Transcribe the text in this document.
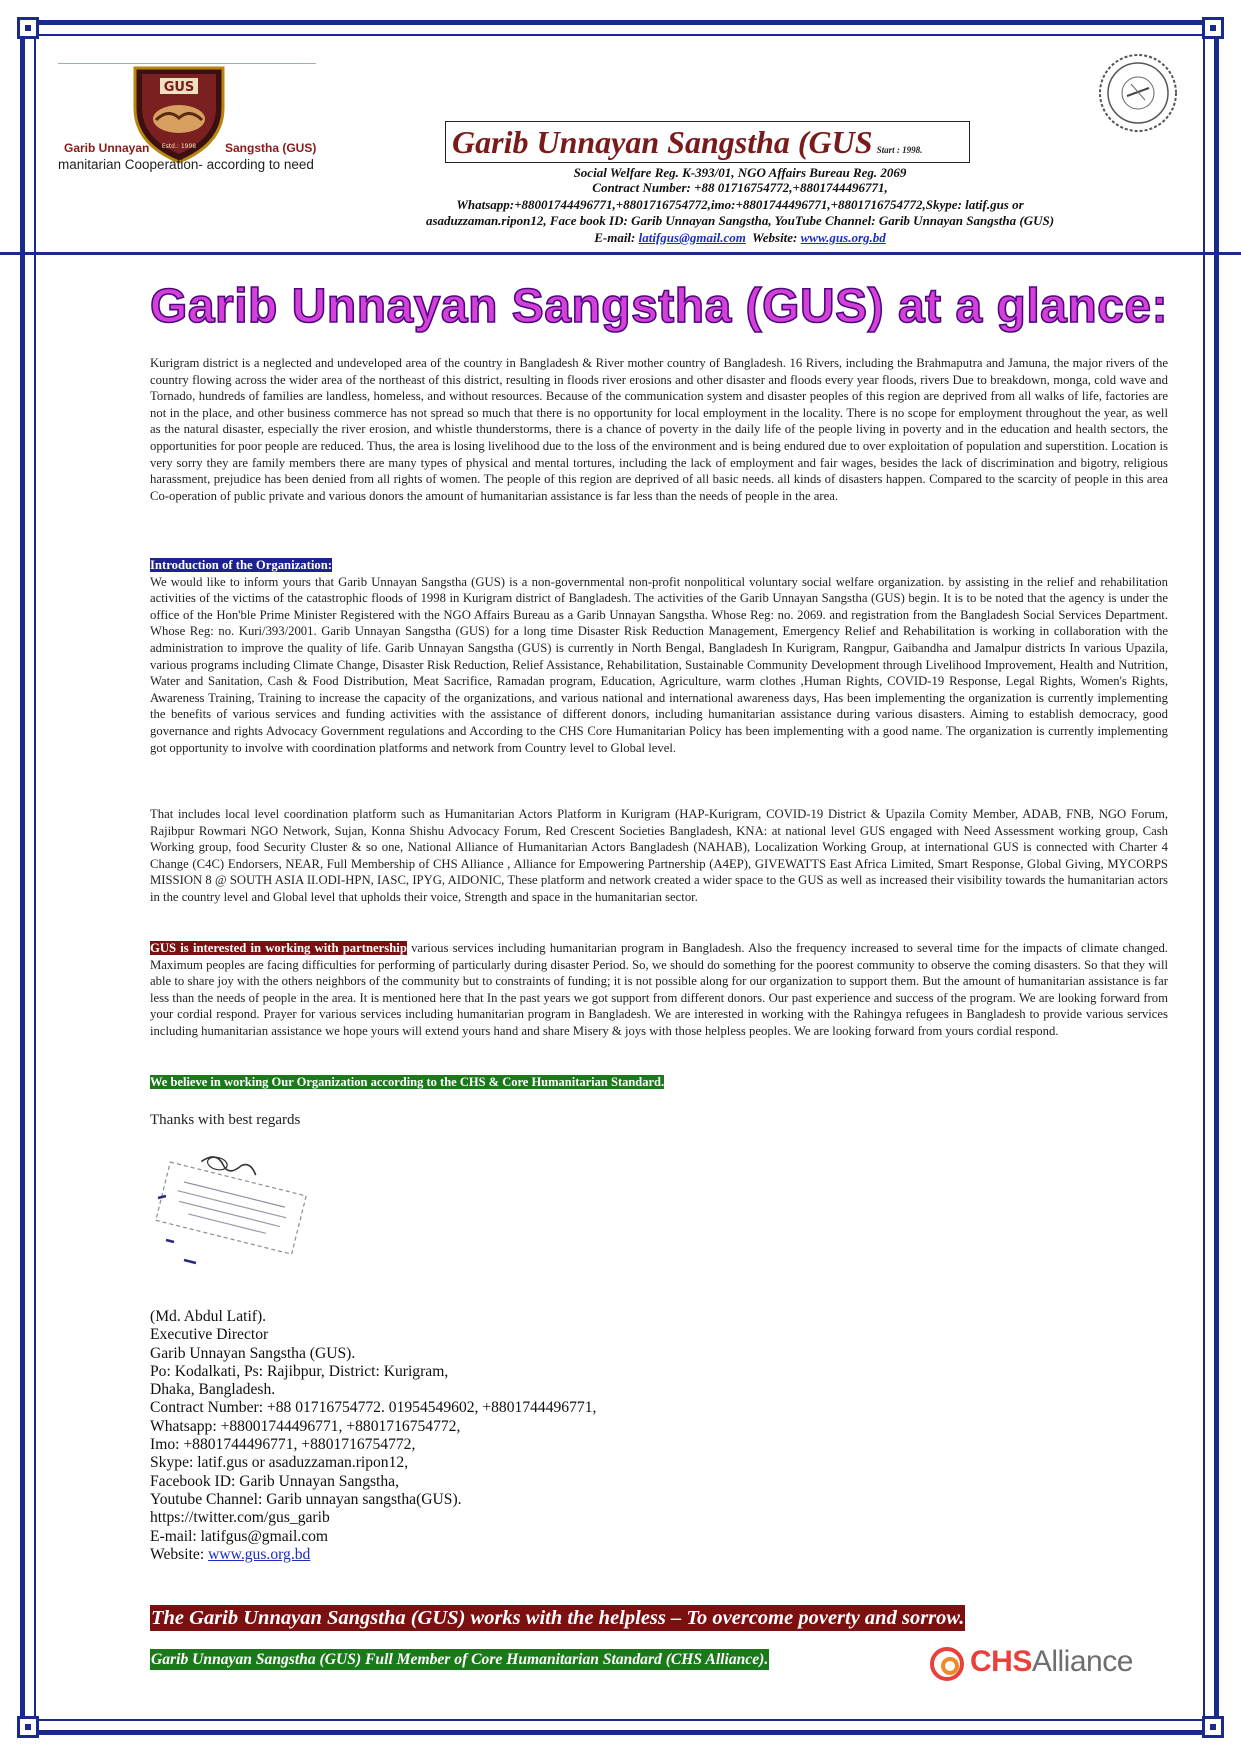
GUS
Estd.: 1998
Garib Unnayan	Sangstha (GUS)
manitarian Cooperation- according to need
Garib Unnayan Sangstha (GUS Start : 1998.
Social Welfare Reg. K-393/01, NGO Affairs Bureau Reg. 2069
Contract Number: +88 01716754772,+8801744496771,
Whatsapp:+88001744496771,+8801716754772,imo:+8801744496771,+8801716754772,Skype: latif.gus or
asaduzzaman.ripon12, Face book ID: Garib Unnayan Sangstha, YouTube Channel: Garib Unnayan Sangstha (GUS)
E-mail: latifgus@gmail.com Website: www.gus.org.bd
Garib Unnayan Sangstha (GUS) at a glance:
Kurigram district is a neglected and undeveloped area of the country in Bangladesh & River mother country of Bangladesh. 16 Rivers, including the Brahmaputra and Jamuna, the major rivers of the country flowing across the wider area of the northeast of this district, resulting in floods river erosions and other disaster and floods every year floods, rivers Due to breakdown, monga, cold wave and Tornado, hundreds of families are landless, homeless, and without resources. Because of the communication system and disaster peoples of this region are deprived from all walks of life, factories are not in the place, and other business commerce has not spread so much that there is no opportunity for local employment in the locality. There is no scope for employment throughout the year, as well as the natural disaster, especially the river erosion, and whistle thunderstorms, there is a chance of poverty in the daily life of the people living in poverty and in the education and health sectors, the opportunities for poor people are reduced. Thus, the area is losing livelihood due to the loss of the environment and is being endured due to over exploitation of population and superstition. Location is very sorry they are family members there are many types of physical and mental tortures, including the lack of employment and fair wages, besides the lack of discrimination and bigotry, religious harassment, prejudice has been denied from all rights of women. The people of this region are deprived of all basic needs. all kinds of disasters happen. Compared to the scarcity of people in this area Co-operation of public private and various donors the amount of humanitarian assistance is far less than the needs of people in the area.
Introduction of the Organization:
We would like to inform yours that Garib Unnayan Sangstha (GUS) is a non-governmental non-profit nonpolitical voluntary social welfare organization. by assisting in the relief and rehabilitation activities of the victims of the catastrophic floods of 1998 in Kurigram district of Bangladesh. The activities of the Garib Unnayan Sangstha (GUS) begin. It is to be noted that the agency is under the office of the Hon'ble Prime Minister Registered with the NGO Affairs Bureau as a Garib Unnayan Sangstha. Whose Reg: no. 2069. and registration from the Bangladesh Social Services Department. Whose Reg: no. Kuri/393/2001. Garib Unnayan Sangstha (GUS) for a long time Disaster Risk Reduction Management, Emergency Relief and Rehabilitation is working in collaboration with the administration to improve the quality of life. Garib Unnayan Sangstha (GUS) is currently in North Bengal, Bangladesh In Kurigram, Rangpur, Gaibandha and Jamalpur districts In various Upazila, various programs including Climate Change, Disaster Risk Reduction, Relief Assistance, Rehabilitation, Sustainable Community Development through Livelihood Improvement, Health and Nutrition, Water and Sanitation, Cash & Food Distribution, Meat Sacrifice, Ramadan program, Education, Agriculture, warm clothes ,Human Rights, COVID-19 Response, Legal Rights, Women's Rights, Awareness Training, Training to increase the capacity of the organizations, and various national and international awareness days, Has been implementing the organization is currently implementing the benefits of various services and funding activities with the assistance of different donors, including humanitarian assistance during various disasters. Aiming to establish democracy, good governance and rights Advocacy Government regulations and According to the CHS Core Humanitarian Policy has been implementing with a good name. The organization is currently implementing got opportunity to involve with coordination platforms and network from Country level to Global level.
That includes local level coordination platform such as Humanitarian Actors Platform in Kurigram (HAP-Kurigram, COVID-19 District & Upazila Comity Member, ADAB, FNB, NGO Forum, Rajibpur Rowmari NGO Network, Sujan, Konna Shishu Advocacy Forum, Red Crescent Societies Bangladesh, KNA: at national level GUS engaged with Need Assessment working group, Cash Working group, food Security Cluster & so one, National Alliance of Humanitarian Actors Bangladesh (NAHAB), Localization Working Group, at international GUS is connected with Charter 4 Change (C4C) Endorsers, NEAR, Full Membership of CHS Alliance , Alliance for Empowering Partnership (A4EP), GIVEWATTS East Africa Limited, Smart Response, Global Giving, MYCORPS MISSION 8 @ SOUTH ASIA II.ODI-HPN, IASC, IPYG, AIDONIC, These platform and network created a wider space to the GUS as well as increased their visibility towards the humanitarian actors in the country level and Global level that upholds their voice, Strength and space in the humanitarian sector.
GUS is interested in working with partnership various services including humanitarian program in Bangladesh. Also the frequency increased to several time for the impacts of climate changed. Maximum peoples are facing difficulties for performing of particularly during disaster Period. So, we should do something for the poorest community to observe the coming disasters. So that they will able to share joy with the others neighbors of the community but to constraints of funding; it is not possible along for our organization to support them. But the amount of humanitarian assistance is far less than the needs of people in the area. It is mentioned here that In the past years we got support from different donors. Our past experience and success of the program. We are looking forward from your cordial respond. Prayer for various services including humanitarian program in Bangladesh. We are interested in working with the Rahingya refugees in Bangladesh to provide various services including humanitarian assistance we hope yours will extend yours hand and share Misery & joys with those helpless peoples. We are looking forward from yours cordial respond.
We believe in working Our Organization according to the CHS & Core Humanitarian Standard.
Thanks with best regards
(Md. Abdul Latif).
Executive Director
Garib Unnayan Sangstha (GUS).
Po: Kodalkati, Ps: Rajibpur, District: Kurigram,
Dhaka, Bangladesh.
Contract Number: +88 01716754772. 01954549602, +8801744496771,
Whatsapp: +88001744496771, +8801716754772,
Imo: +8801744496771, +8801716754772,
Skype: latif.gus or asaduzzaman.ripon12,
Facebook ID: Garib Unnayan Sangstha,
Youtube Channel: Garib unnayan sangstha(GUS).
https://twitter.com/gus_garib
E-mail: latifgus@gmail.com
Website: www.gus.org.bd
The Garib Unnayan Sangstha (GUS) works with the helpless – To overcome poverty and sorrow.
Garib Unnayan Sangstha (GUS) Full Member of Core Humanitarian Standard (CHS Alliance).	CHSAlliance
